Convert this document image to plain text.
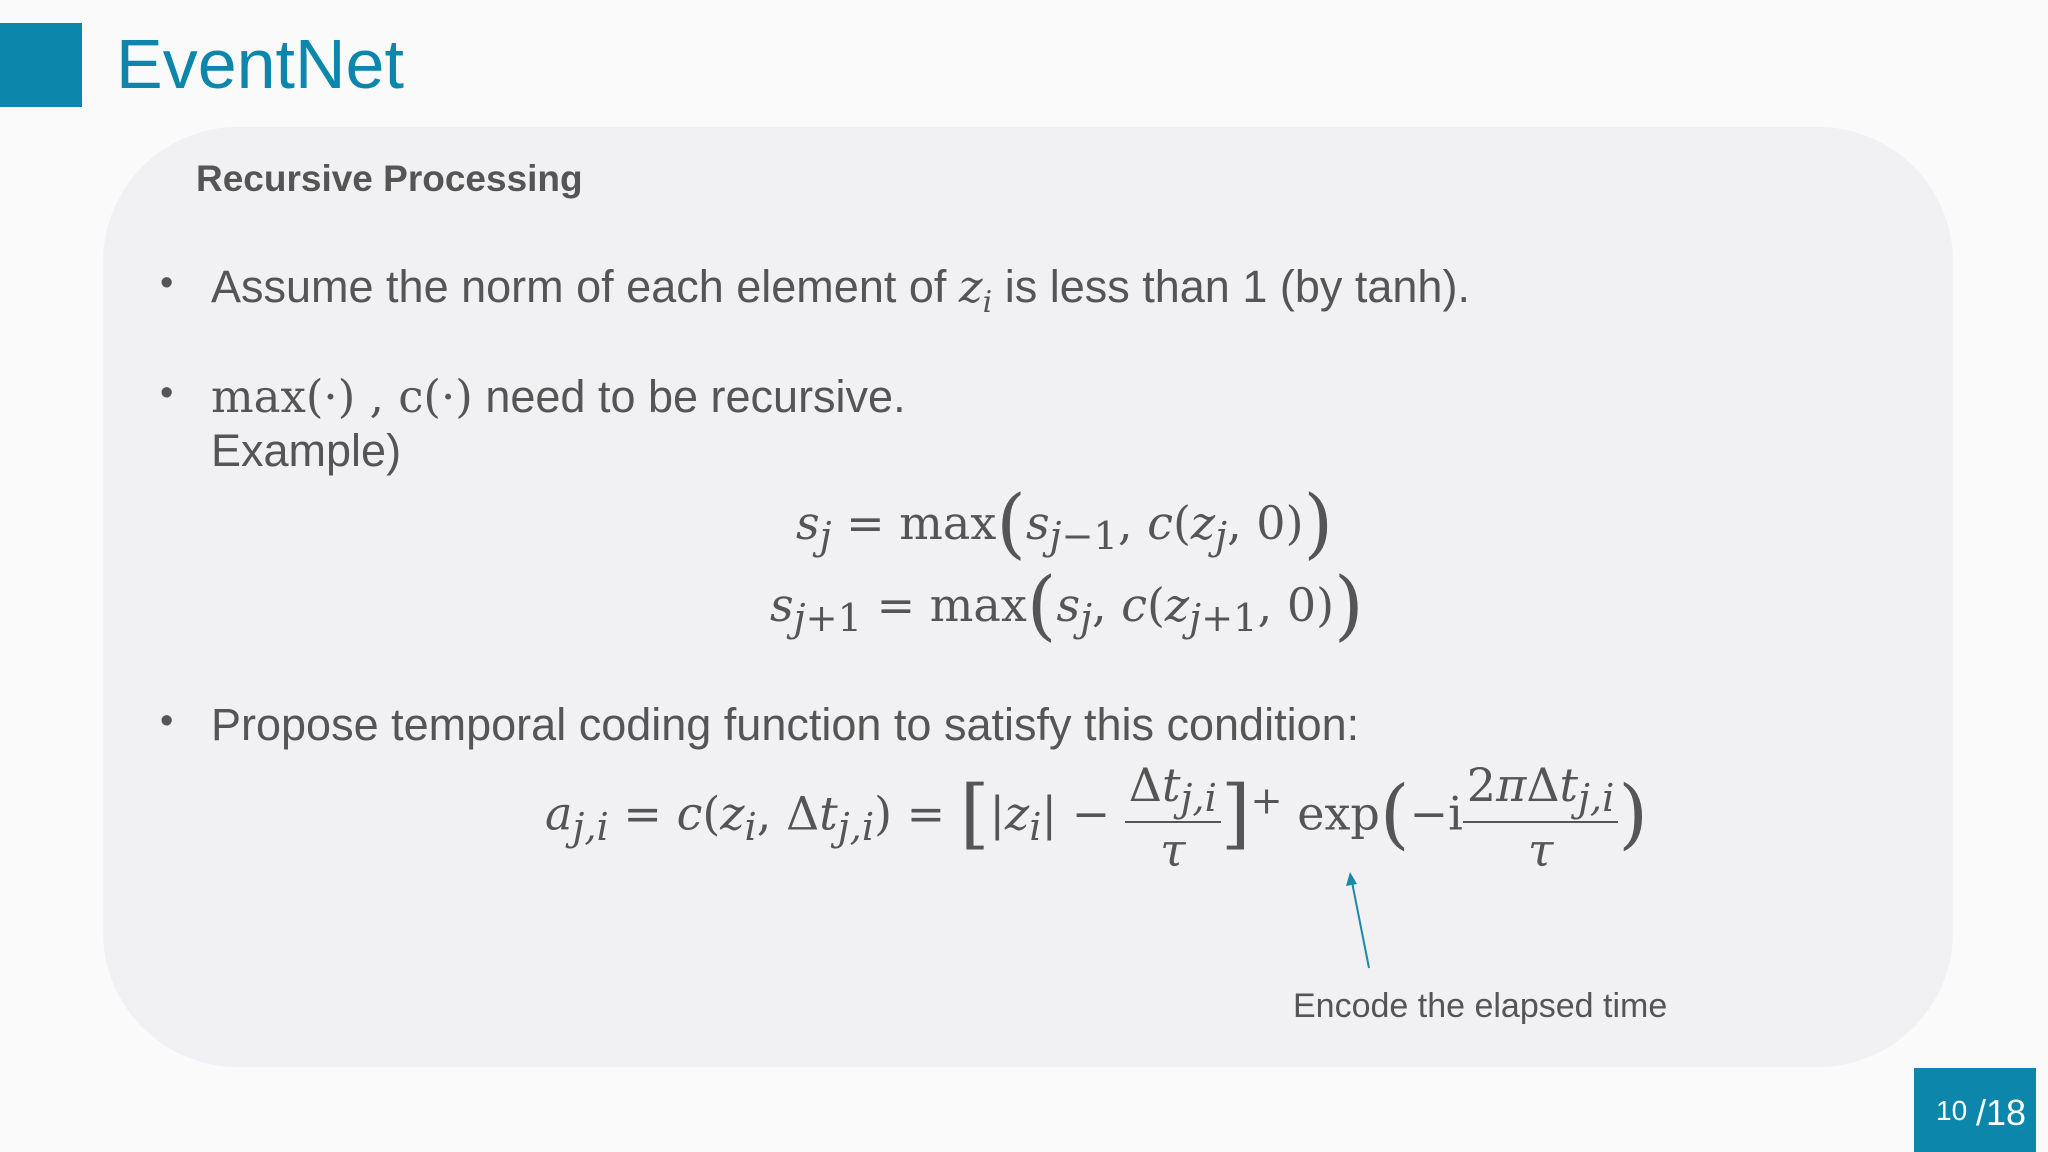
EventNet
Recursive Processing
• Assume the norm of each element of $z_i$ is less than 1 (by tanh).
• max(·) , c(·) need to be recursive.
Example)
$s_j = \max(s_{j-1}$, $c(z_j$, 0))
$s_{j+1} = \max(s_j$, $c(z_{j+1}$, 0))
• Propose temporal coding function to satisfy this condition:
$a_{j,i} = c(z_i$, $\Delta t_{j,i}) = [|z_i| - \frac{\Delta t_{j,i}}{\tau} ]^+$ $\exp(-i \frac{2\pi\Delta t_{j,i}}{\tau}$ )
Encode the elapsed time
10 /18
